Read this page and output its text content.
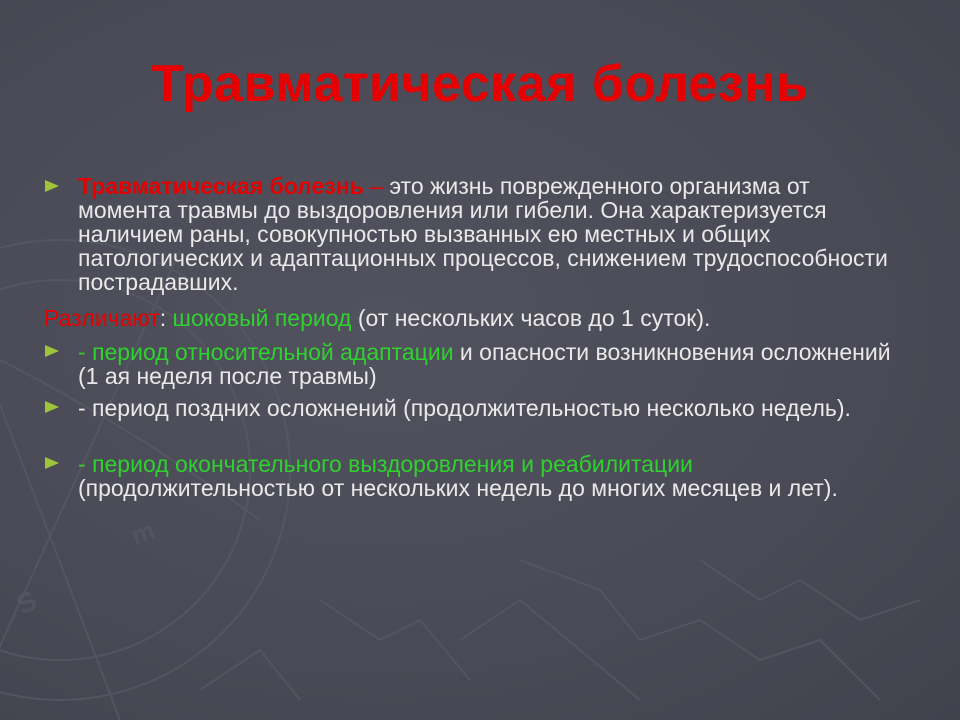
m
S
Травматическая болезнь
Травматическая болезнь – это жизнь поврежденного организма от момента травмы до выздоровления или гибели. Она характеризуется наличием раны, совокупностью вызванных ею местных и общих патологических и адаптационных процессов, снижением трудоспособности пострадавших.
Различают: шоковый период (от нескольких часов до 1 суток).
- период относительной адаптации и опасности возникновения осложнений (1 ая неделя после травмы)
- период поздних осложнений (продолжительностью несколько недель).
- период окончательного выздоровления и реабилитации (продолжительностью от нескольких недель до многих месяцев и лет).
